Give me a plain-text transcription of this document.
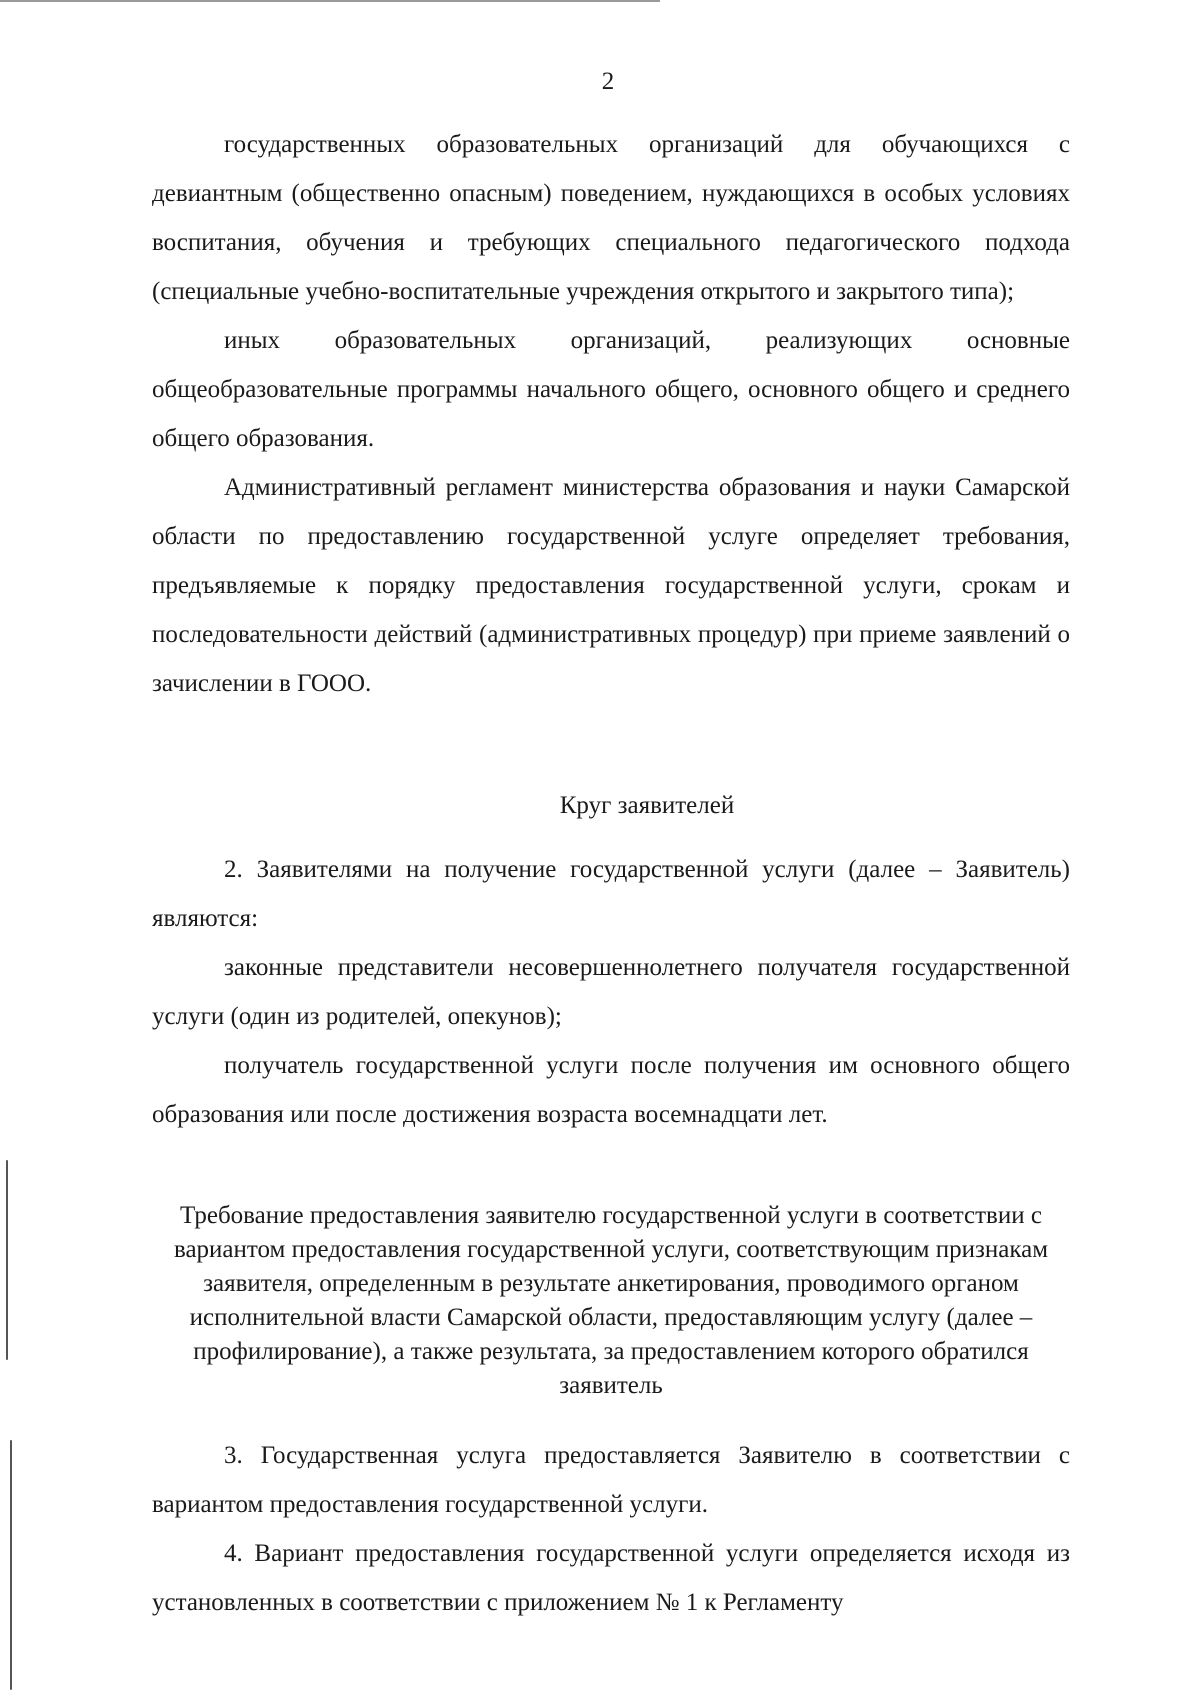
2

государственных образовательных организаций для обучающихся с девиантным (общественно опасным) поведением, нуждающихся в особых условиях воспитания, обучения и требующих специального педагогического подхода (специальные учебно-воспитательные учреждения открытого и закрытого типа);

иных образовательных организаций, реализующих основные общеобразовательные программы начального общего, основного общего и среднего общего образования.

Административный регламент министерства образования и науки Самарской области по предоставлению государственной услуге определяет требования, предъявляемые к порядку предоставления государственной услуги, срокам и последовательности действий (административных процедур) при приеме заявлений о зачислении в ГООО.

Круг заявителей

2. Заявителями на получение государственной услуги (далее – Заявитель) являются:

законные представители несовершеннолетнего получателя государственной услуги (один из родителей, опекунов);

получатель государственной услуги после получения им основного общего образования или после достижения возраста восемнадцати лет.

Требование предоставления заявителю государственной услуги в соответствии с вариантом предоставления государственной услуги, соответствующим признакам заявителя, определенным в результате анкетирования, проводимого органом исполнительной власти Самарской области, предоставляющим услугу (далее – профилирование), а также результата, за предоставлением которого обратился заявитель

3. Государственная услуга предоставляется Заявителю в соответствии с вариантом предоставления государственной услуги.

4. Вариант предоставления государственной услуги определяется исходя из установленных в соответствии с приложением № 1 к Регламенту
